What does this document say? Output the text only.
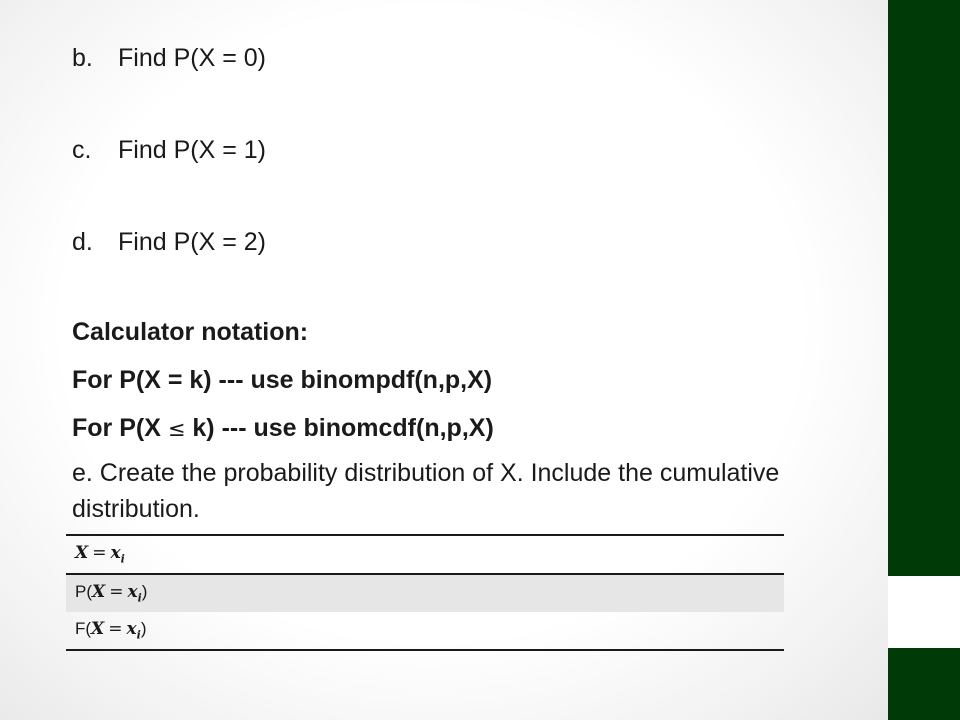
b. Find P(X = 0)
c. Find P(X = 1)
d. Find P(X = 2)
Calculator notation:
For P(X = k) --- use binompdf(n,p,X)
For P(X ≤ k) --- use binomcdf(n,p,X)
e. Create the probability distribution of X. Include the cumulative distribution.
$X = x_i$
$P(X = x_i)$
$F(X = x_i)$
